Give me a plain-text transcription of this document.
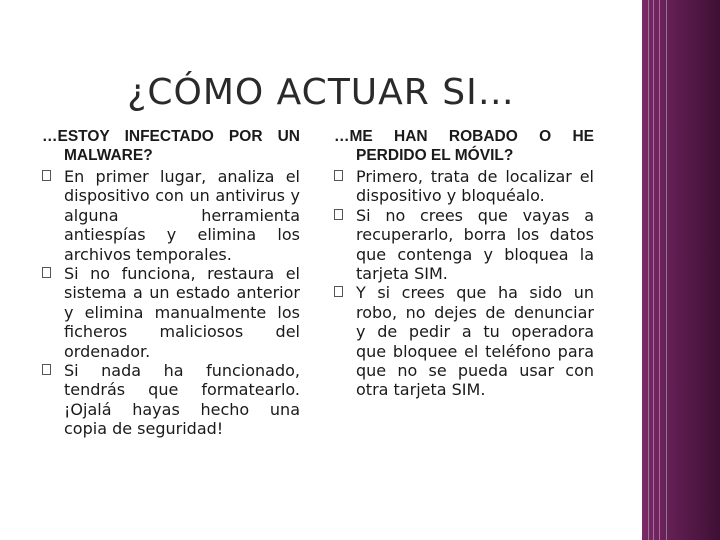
¿CÓMO ACTUAR SI…

…ESTOY INFECTADO POR UN MALWARE?

En primer lugar, analiza el dispositivo con un antivirus y alguna herramienta antiespías y elimina los archivos temporales.
Si no funciona, restaura el sistema a un estado anterior y elimina manualmente los ficheros maliciosos del ordenador.
Si nada ha funcionado, tendrás que formatearlo. ¡Ojalá hayas hecho una copia de seguridad!

…ME HAN ROBADO O HE PERDIDO EL MÓVIL?

Primero, trata de localizar el dispositivo y bloquéalo.
Si no crees que vayas a recuperarlo, borra los datos que contenga y bloquea la tarjeta SIM.
Y si crees que ha sido un robo, no dejes de denunciar y de pedir a tu operadora que bloquee el teléfono para que no se pueda usar con otra tarjeta SIM.
